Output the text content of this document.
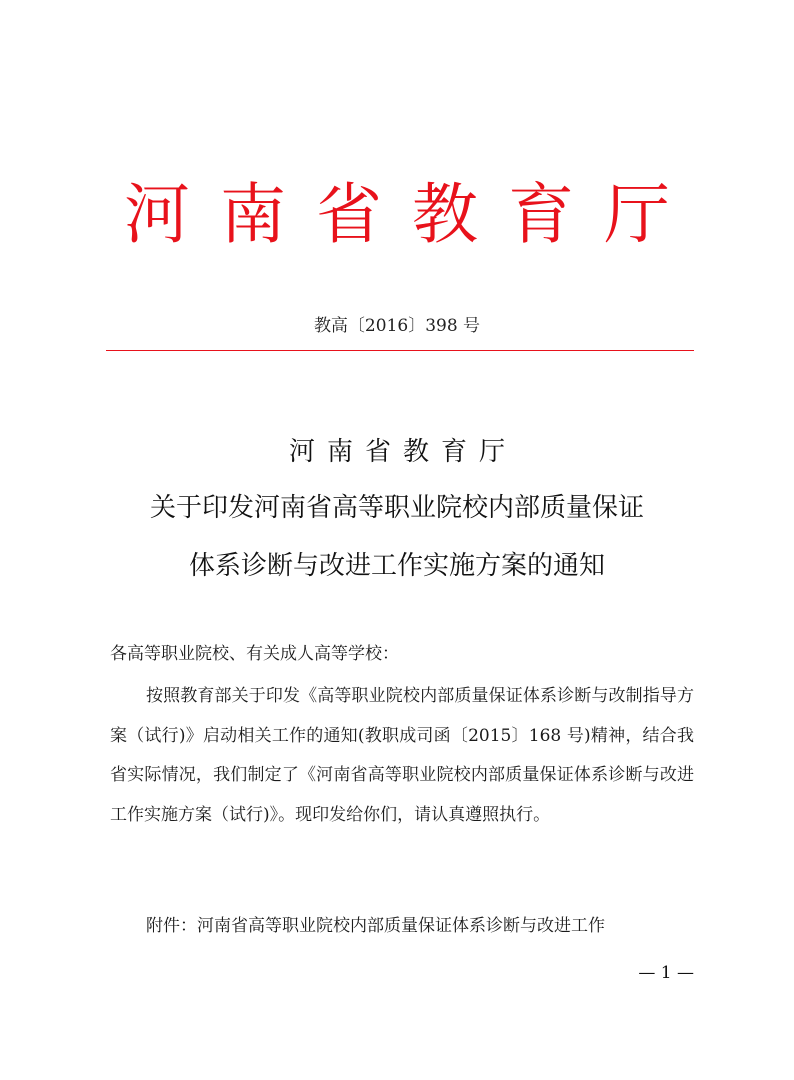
河南省教育厅
教高〔2016〕398 号
河南省教育厅
关于印发河南省高等职业院校内部质量保证
体系诊断与改进工作实施方案的通知
各高等职业院校、有关成人高等学校：
按照教育部关于印发《高等职业院校内部质量保证体系诊断与改制指导方案（试行)》启动相关工作的通知(教职成司函〔2015〕168 号)精神，结合我省实际情况，我们制定了《河南省高等职业院校内部质量保证体系诊断与改进工作实施方案（试行)》。现印发给你们，请认真遵照执行。
附件：河南省高等职业院校内部质量保证体系诊断与改进工作
— 1 —
